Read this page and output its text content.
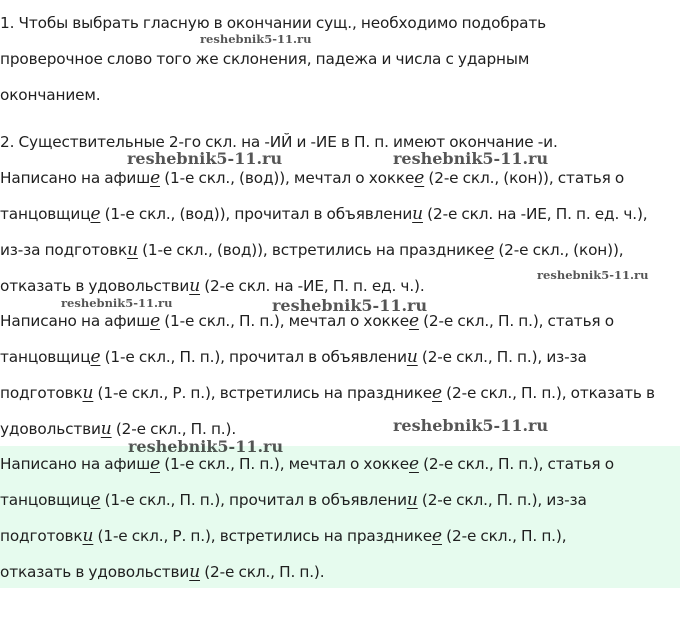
1. Чтобы выбрать гласную в окончании сущ., необходимо подобрать
проверочное слово того же склонения, падежа и числа с ударным
окончанием.

2. Существительные 2-го скл. на -ИЙ и -ИЕ в П. п. имеют окончание -и.

Написано на афише (1-е скл., (вод)), мечтал о хоккее (2-е скл., (кон)), статья о
танцовщице (1-е скл., (вод)), прочитал в объявлении (2-е скл. на -ИЕ, П. п. ед. ч.),
из-за подготовки (1-е скл., (вод)), встретились на праздникее (2-е скл., (кон)),
отказать в удовольствии (2-е скл. на -ИЕ, П. п. ед. ч.).

Написано на афише (1-е скл., П. п.), мечтал о хоккее (2-е скл., П. п.), статья о
танцовщице (1-е скл., П. п.), прочитал в объявлении (2-е скл., П. п.), из-за
подготовки (1-е скл., Р. п.), встретились на праздникее (2-е скл., П. п.), отказать в
удовольствии (2-е скл., П. п.).

Написано на афише (1-е скл., П. п.), мечтал о хоккее (2-е скл., П. п.), статья о
танцовщице (1-е скл., П. п.), прочитал в объявлении (2-е скл., П. п.), из-за
подготовки (1-е скл., Р. п.), встретились на праздникее (2-е скл., П. п.),
отказать в удовольствии (2-е скл., П. п.).

reshebnik5-11.ru
reshebnik5-11.ru	reshebnik5-11.ru
reshebnik5-11.ru
reshebnik5-11.ru	reshebnik5-11.ru
reshebnik5-11.ru
reshebnik5-11.ru
